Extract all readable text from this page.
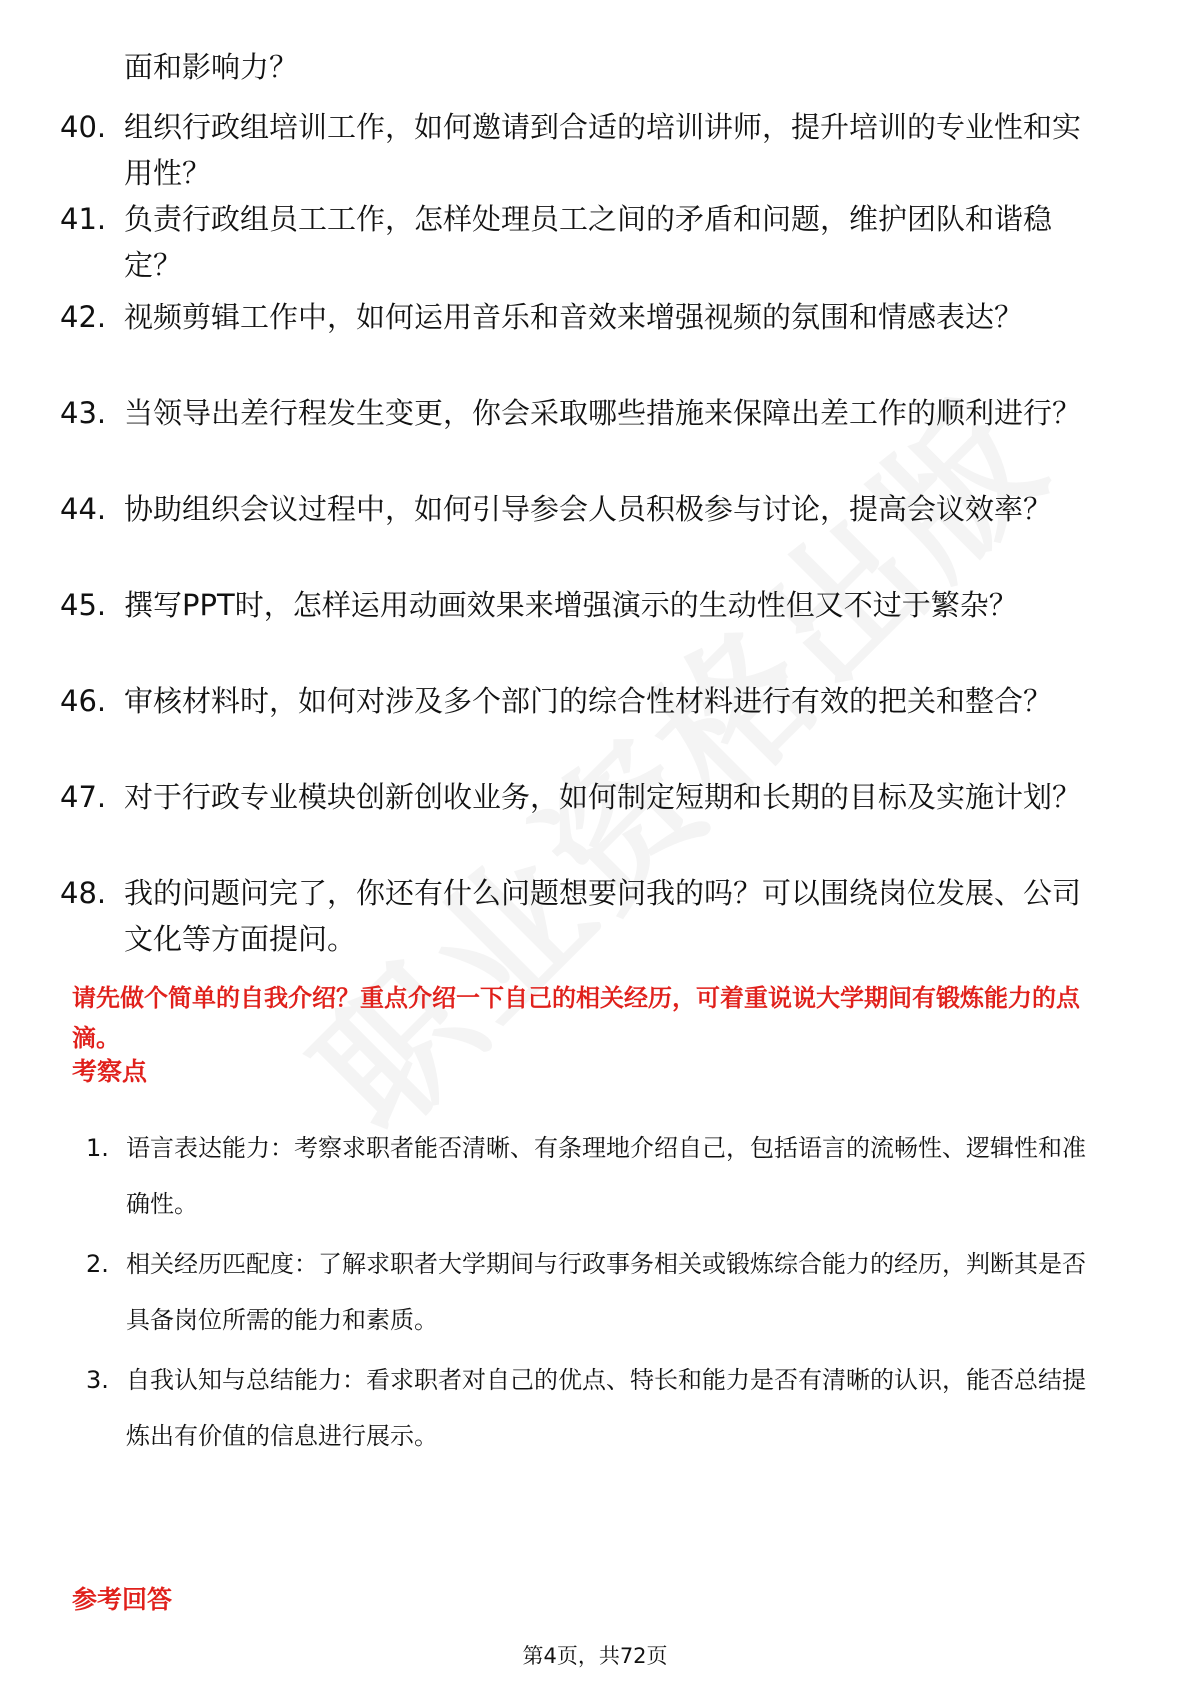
面和影响力？
40. 组织行政组培训工作，如何邀请到合适的培训讲师，提升培训的专业性和实用性？
41. 负责行政组员工工作，怎样处理员工之间的矛盾和问题，维护团队和谐稳定？
42. 视频剪辑工作中，如何运用音乐和音效来增强视频的氛围和情感表达？
43. 当领导出差行程发生变更，你会采取哪些措施来保障出差工作的顺利进行？
44. 协助组织会议过程中，如何引导参会人员积极参与讨论，提高会议效率？
45. 撰写PPT时，怎样运用动画效果来增强演示的生动性但又不过于繁杂？
46. 审核材料时，如何对涉及多个部门的综合性材料进行有效的把关和整合？
47. 对于行政专业模块创新创收业务，如何制定短期和长期的目标及实施计划？
48. 我的问题问完了，你还有什么问题想要问我的吗？可以围绕岗位发展、公司文化等方面提问。
请先做个简单的自我介绍？重点介绍一下自己的相关经历，可着重说说大学期间有锻炼能力的点滴。
考察点
1. 语言表达能力：考察求职者能否清晰、有条理地介绍自己，包括语言的流畅性、逻辑性和准确性。
2. 相关经历匹配度：了解求职者大学期间与行政事务相关或锻炼综合能力的经历，判断其是否具备岗位所需的能力和素质。
3. 自我认知与总结能力：看求职者对自己的优点、特长和能力是否有清晰的认识，能否总结提炼出有价值的信息进行展示。
参考回答
第4页，共72页
